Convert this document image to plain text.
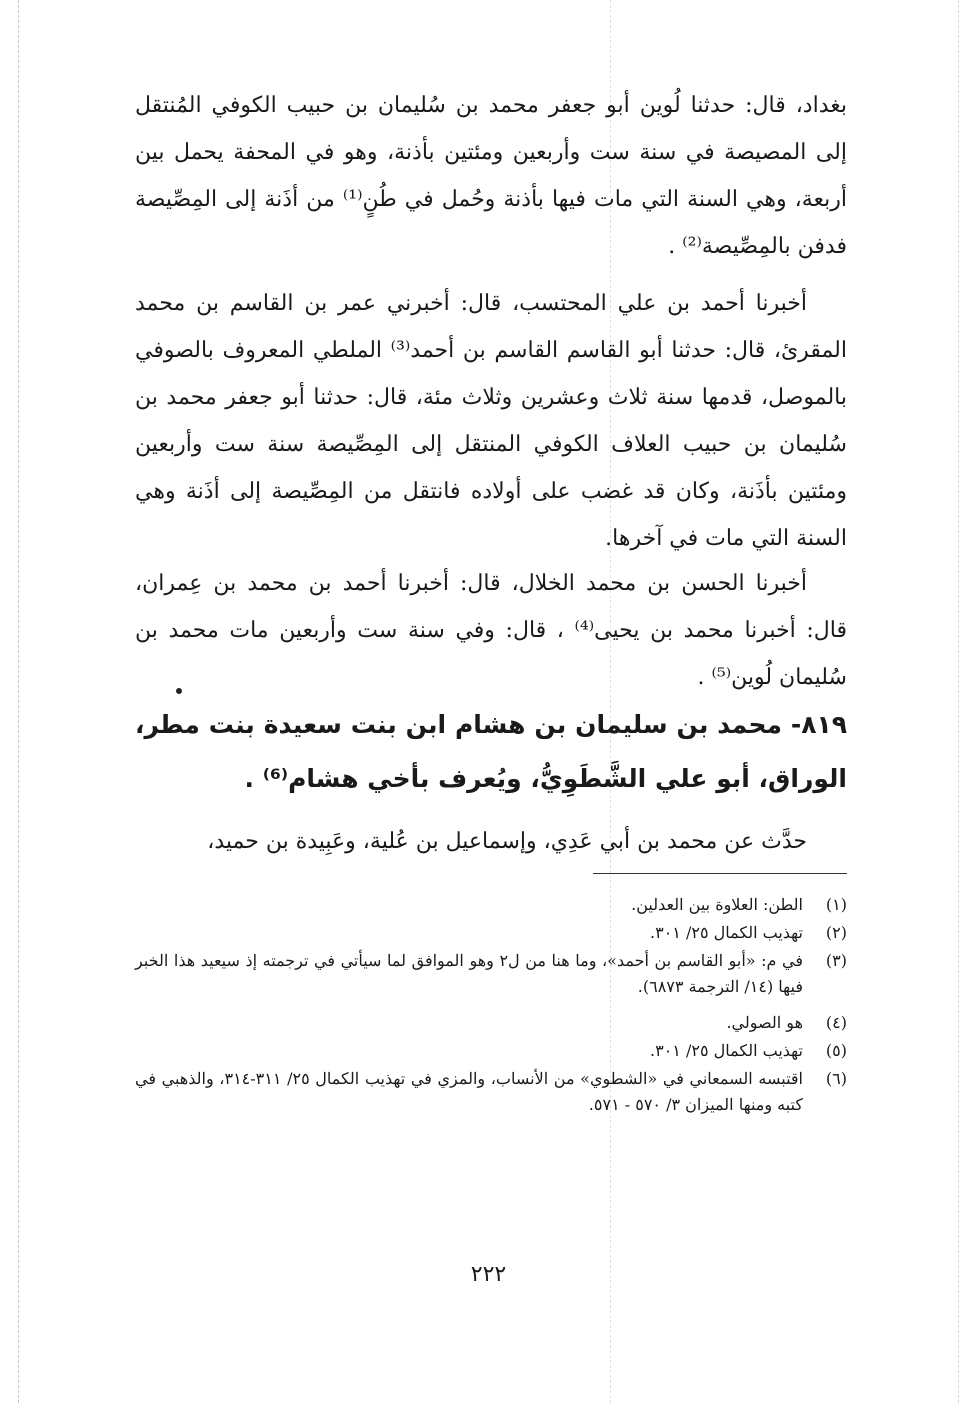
بغداد، قال: حدثنا لُوين أبو جعفر محمد بن سُليمان بن حبيب الكوفي المُنتقل إلى المصيصة في سنة ست وأربعين ومئتين بأذنة، وهو في المحفة يحمل بين أربعة، وهي السنة التي مات فيها بأذنة وحُمل في طُنٍ⁽¹⁾ من أذَنة إلى المِصِّيصة فدفن بالمِصِّيصة⁽²⁾ .

أخبرنا أحمد بن علي المحتسب، قال: أخبرني عمر بن القاسم بن محمد المقرئ، قال: حدثنا أبو القاسم القاسم بن أحمد⁽³⁾ الملطي المعروف بالصوفي بالموصل، قدمها سنة ثلاث وعشرين وثلاث مئة، قال: حدثنا أبو جعفر محمد بن سُليمان بن حبيب العلاف الكوفي المنتقل إلى المِصِّيصة سنة ست وأربعين ومئتين بأذَنة، وكان قد غضب على أولاده فانتقل من المِصِّيصة إلى أذَنة وهي السنة التي مات في آخرها.

أخبرنا الحسن بن محمد الخلال، قال: أخبرنا أحمد بن محمد بن عِمران، قال: أخبرنا محمد بن يحيى⁽⁴⁾ ، قال: وفي سنة ست وأربعين مات محمد بن سُليمان لُوين⁽⁵⁾ .

٨١٩- محمد بن سليمان بن هشام ابن بنت سعيدة بنت مطر، الوراق، أبو علي الشَّطَوِيُّ، ويُعرف بأخي هشام⁽⁶⁾ .

حدَّث عن محمد بن أبي عَدِي، وإسماعيل بن عُلية، وعَبِيدة بن حميد،

(١)
الطن: العلاوة بين العدلين.
(٢)
تهذيب الكمال ٢٥/ ٣٠١.
(٣)
في م: «أبو القاسم بن أحمد»، وما هنا من ل٢ وهو الموافق لما سيأتي في ترجمته إذ سيعيد هذا الخبر فيها (١٤/ الترجمة ٦٨٧٣).
(٤)
هو الصولي.
(٥)
تهذيب الكمال ٢٥/ ٣٠١.
(٦)
اقتبسه السمعاني في «الشطوي» من الأنساب، والمزي في تهذيب الكمال ٢٥/ ٣١١-٣١٤، والذهبي في كتبه ومنها الميزان ٣/ ٥٧٠ - ٥٧١.
٢٢٢
